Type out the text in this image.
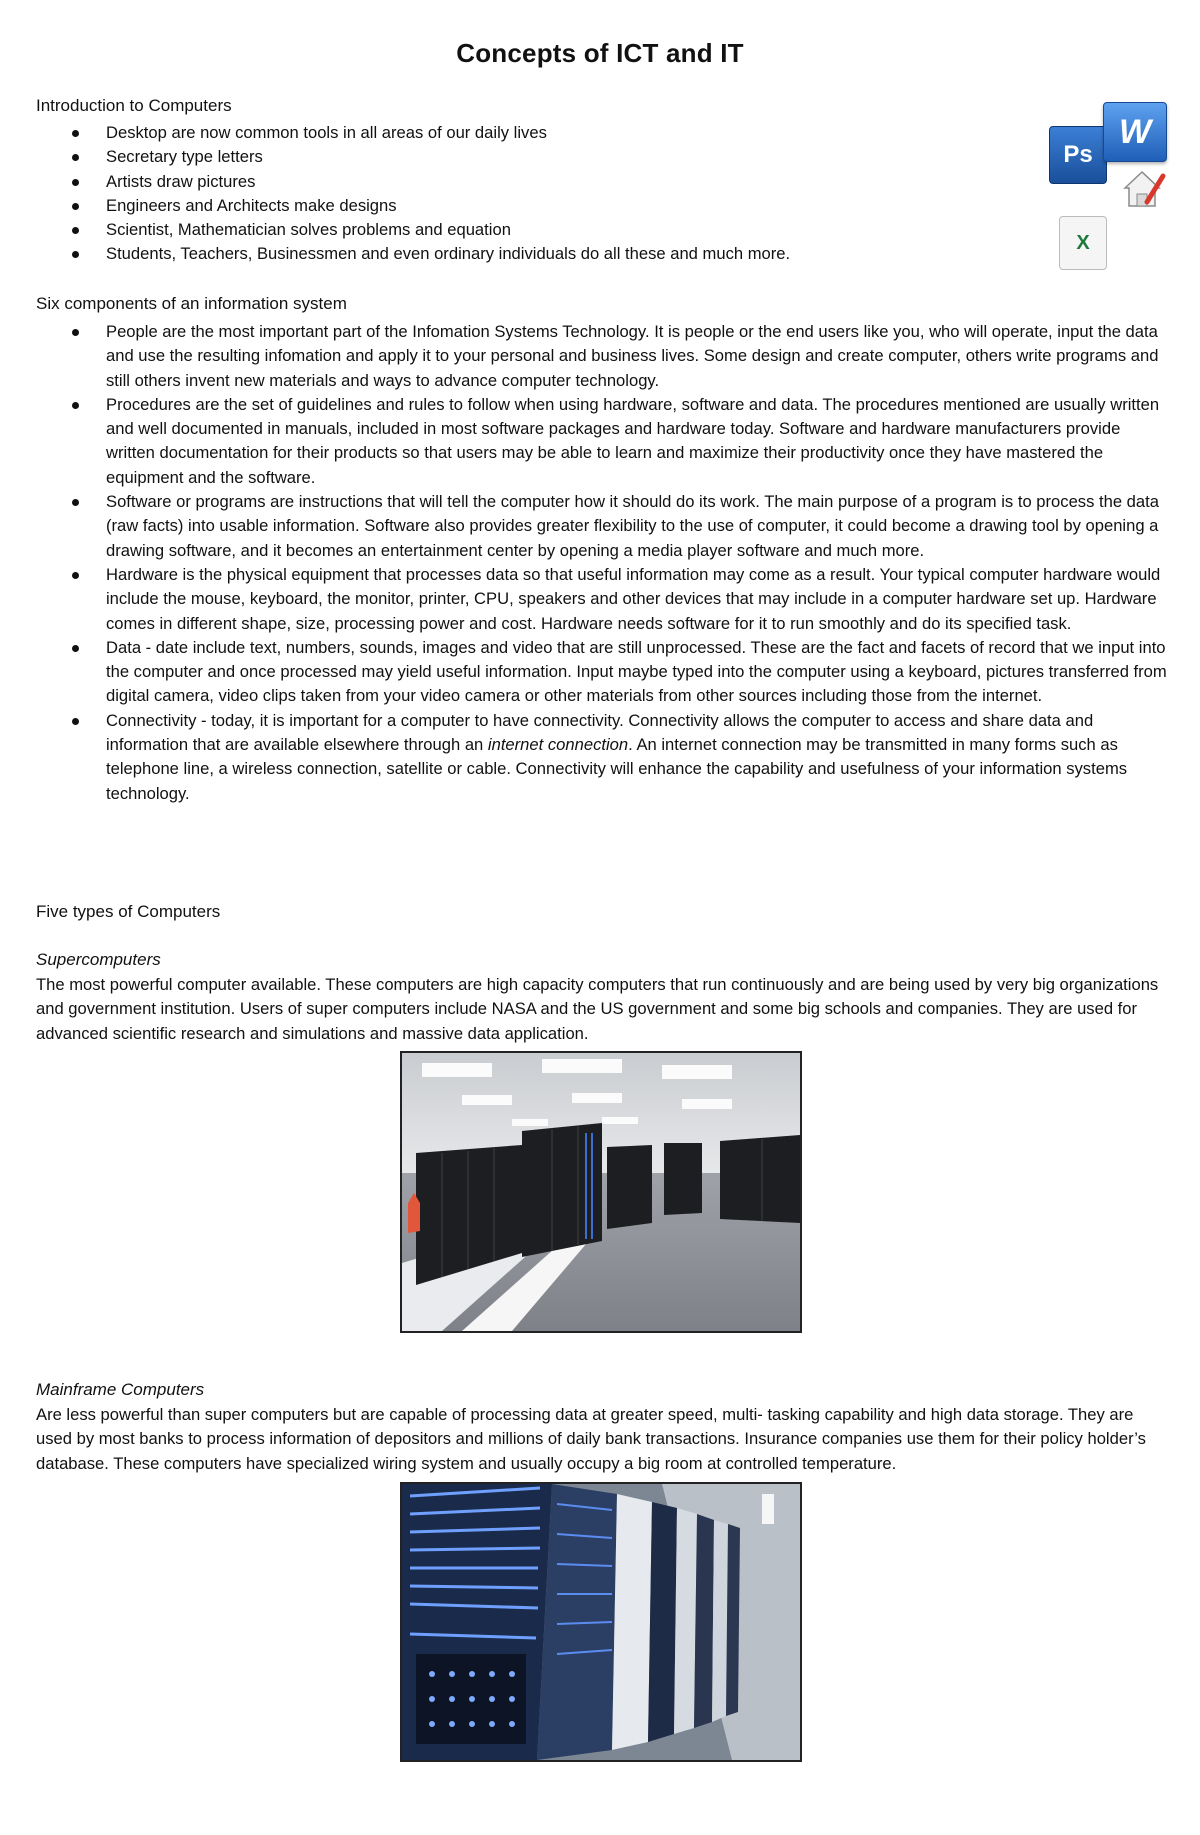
Concepts of ICT and IT
Introduction to Computers
Desktop are now common tools in all areas of our daily lives
Secretary type letters
Artists draw pictures
Engineers and Architects make designs
Scientist, Mathematician solves problems and equation
Students, Teachers, Businessmen and even ordinary individuals do all these and much more.
Ps
W
X
Six components of an information system
People are the most important part of the Infomation Systems Technology. It is people or the end users like you, who will operate, input the data and use the resulting infomation and apply it to your personal and business lives. Some design and create computer, others write programs and still others invent new materials and ways to advance computer technology.
Procedures are the set of guidelines and rules to follow when using hardware, software and data. The procedures mentioned are usually written and well documented in manuals, included in most software packages and hardware today. Software and hardware manufacturers provide written documentation for their products so that users may be able to learn and maximize their productivity once they have mastered the equipment and the software.
Software or programs are instructions that will tell the computer how it should do its work. The main purpose of a program is to process the data (raw facts) into usable information. Software also provides greater flexibility to the use of computer, it could become a drawing tool by opening a drawing software, and it becomes an entertainment center by opening a media player software and much more.
Hardware is the physical equipment that processes data so that useful information may come as a result. Your typical computer hardware would include the mouse, keyboard, the monitor, printer, CPU, speakers and other devices that may include in a computer hardware set up. Hardware comes in different shape, size, processing power and cost. Hardware needs software for it to run smoothly and do its specified task.
Data - date include text, numbers, sounds, images and video that are still unprocessed. These are the fact and facets of record that we input into the computer and once processed may yield useful information. Input maybe typed into the computer using a keyboard, pictures transferred from digital camera, video clips taken from your video camera or other materials from other sources including those from the internet.
Connectivity - today, it is important for a computer to have connectivity. Connectivity allows the computer to access and share data and information that are available elsewhere through an internet connection. An internet connection may be transmitted in many forms such as telephone line, a wireless connection, satellite or cable. Connectivity will enhance the capability and usefulness of your information systems technology.
Five types of Computers
Supercomputers
The most powerful computer available. These computers are high capacity computers that run continuously and are being used by very big organizations and government institution. Users of super computers include NASA and the US government and some big schools and companies. They are used for advanced scientific research and simulations and massive data application.
Mainframe Computers
Are less powerful than super computers but are capable of processing data at greater speed, multi- tasking capability and high data storage. They are used by most banks to process information of depositors and millions of daily bank transactions. Insurance companies use them for their policy holder’s database. These computers have specialized wiring system and usually occupy a big room at controlled temperature.
